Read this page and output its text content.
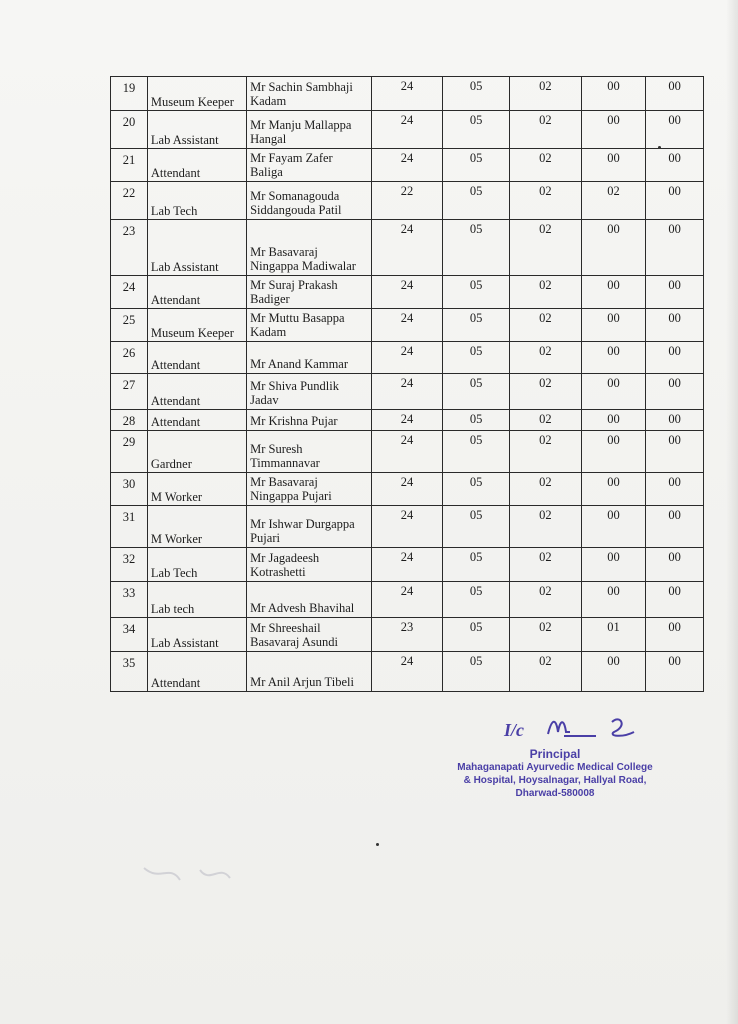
19	Museum Keeper	Mr Sachin Sambhaji Kadam	24	05	02	00	00
20	Lab Assistant	Mr Manju Mallappa Hangal	24	05	02	00	00
21	Attendant	Mr Fayam Zafer Baliga	24	05	02	00	00
22	Lab Tech	Mr Somanagouda Siddangouda Patil	22	05	02	02	00
23	Lab Assistant	Mr Basavaraj Ningappa Madiwalar	24	05	02	00	00
24	Attendant	Mr Suraj Prakash Badiger	24	05	02	00	00
25	Museum Keeper	Mr Muttu Basappa Kadam	24	05	02	00	00
26	Attendant	Mr Anand Kammar	24	05	02	00	00
27	Attendant	Mr Shiva Pundlik Jadav	24	05	02	00	00
28	Attendant	Mr Krishna Pujar	24	05	02	00	00
29	Gardner	Mr Suresh Timmannavar	24	05	02	00	00
30	M Worker	Mr Basavaraj Ningappa Pujari	24	05	02	00	00
31	M Worker	Mr Ishwar Durgappa Pujari	24	05	02	00	00
32	Lab Tech	Mr Jagadeesh Kotrashetti	24	05	02	00	00
33	Lab tech	Mr Advesh Bhavihal	24	05	02	00	00
34	Lab Assistant	Mr Shreeshail Basavaraj Asundi	23	05	02	01	00
35	Attendant	Mr Anil Arjun Tibeli	24	05	02	00	00
I/c
Principal
Mahaganapati Ayurvedic Medical College
& Hospital, Hoysalnagar, Hallyal Road,
Dharwad-580008
